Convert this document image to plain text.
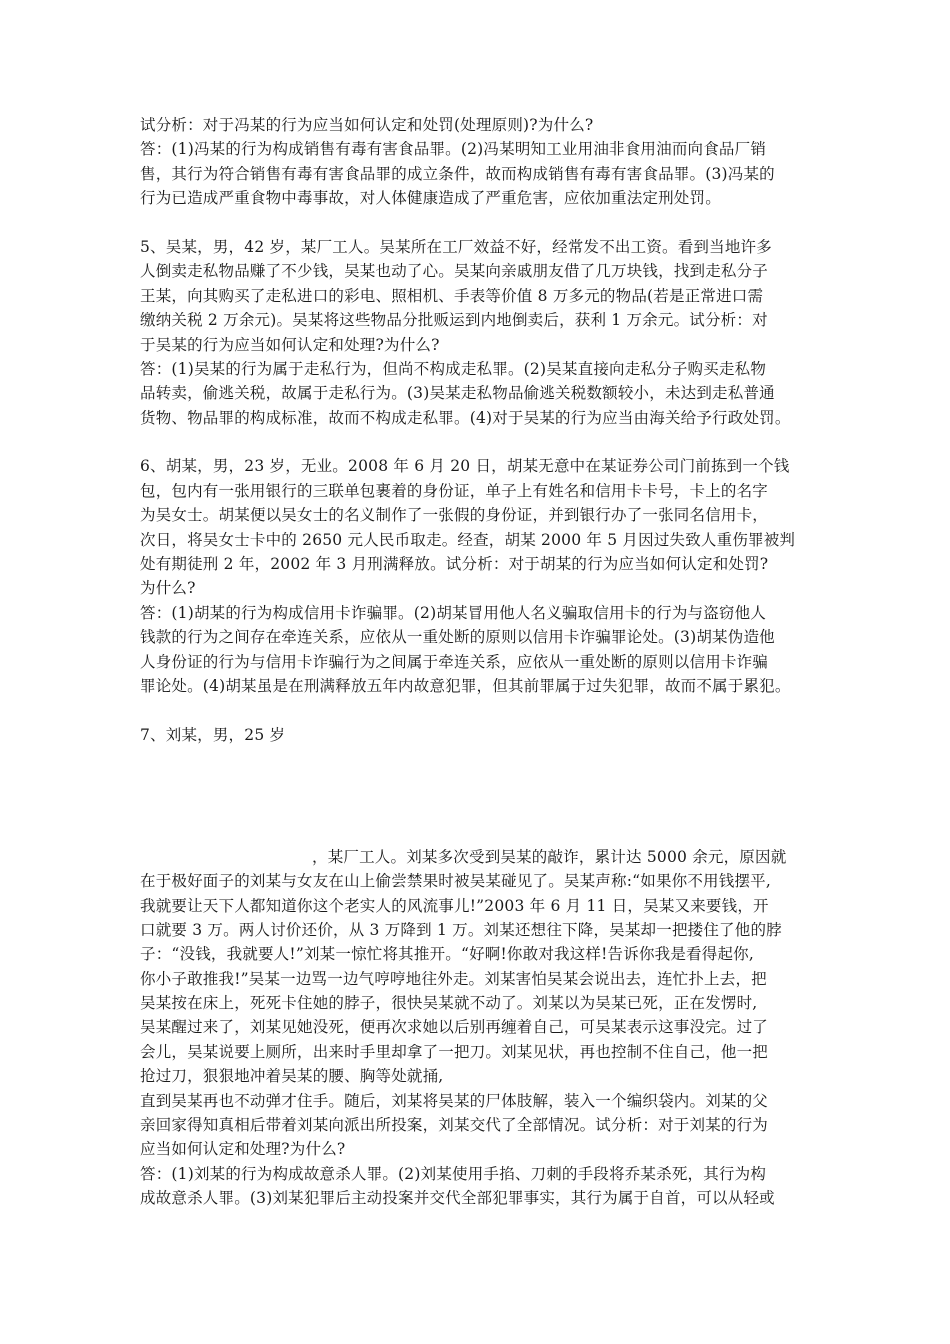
试分析：对于冯某的行为应当如何认定和处罚(处理原则)?为什么?
答：(1)冯某的行为构成销售有毒有害食品罪。(2)冯某明知工业用油非食用油而向食品厂销
售，其行为符合销售有毒有害食品罪的成立条件，故而构成销售有毒有害食品罪。(3)冯某的
行为已造成严重食物中毒事故，对人体健康造成了严重危害，应依加重法定刑处罚。
5、吴某，男，42 岁，某厂工人。吴某所在工厂效益不好，经常发不出工资。看到当地许多
人倒卖走私物品赚了不少钱，吴某也动了心。吴某向亲戚朋友借了几万块钱，找到走私分子
王某，向其购买了走私进口的彩电、照相机、手表等价值 8 万多元的物品(若是正常进口需
缴纳关税 2 万余元)。吴某将这些物品分批贩运到内地倒卖后，获利 1 万余元。试分析：对
于吴某的行为应当如何认定和处理?为什么?
答：(1)吴某的行为属于走私行为，但尚不构成走私罪。(2)吴某直接向走私分子购买走私物
品转卖，偷逃关税，故属于走私行为。(3)吴某走私物品偷逃关税数额较小，未达到走私普通
货物、物品罪的构成标准，故而不构成走私罪。(4)对于吴某的行为应当由海关给予行政处罚。
6、胡某，男，23 岁，无业。2008 年 6 月 20 日，胡某无意中在某证券公司门前拣到一个钱
包，包内有一张用银行的三联单包裹着的身份证，单子上有姓名和信用卡卡号，卡上的名字
为吴女士。胡某便以吴女士的名义制作了一张假的身份证，并到银行办了一张同名信用卡，
次日，将吴女士卡中的 2650 元人民币取走。经查，胡某 2000 年 5 月因过失致人重伤罪被判
处有期徒刑 2 年，2002 年 3 月刑满释放。试分析：对于胡某的行为应当如何认定和处罚?
为什么?
答：(1)胡某的行为构成信用卡诈骗罪。(2)胡某冒用他人名义骗取信用卡的行为与盗窃他人
钱款的行为之间存在牵连关系，应依从一重处断的原则以信用卡诈骗罪论处。(3)胡某伪造他
人身份证的行为与信用卡诈骗行为之间属于牵连关系，应依从一重处断的原则以信用卡诈骗
罪论处。(4)胡某虽是在刑满释放五年内故意犯罪，但其前罪属于过失犯罪，故而不属于累犯。
7、刘某，男，25 岁
，某厂工人。刘某多次受到吴某的敲诈，累计达 5000 余元，原因就
在于极好面子的刘某与女友在山上偷尝禁果时被吴某碰见了。吴某声称:“如果你不用钱摆平,
我就要让天下人都知道你这个老实人的风流事儿!”2003 年 6 月 11 日，吴某又来要钱，开
口就要 3 万。两人讨价还价，从 3 万降到 1 万。刘某还想往下降，吴某却一把搂住了他的脖
子：“没钱，我就要人!”刘某一惊忙将其推开。“好啊!你敢对我这样!告诉你我是看得起你,
你小子敢推我!”吴某一边骂一边气哼哼地往外走。刘某害怕吴某会说出去，连忙扑上去，把
吴某按在床上，死死卡住她的脖子，很快吴某就不动了。刘某以为吴某已死，正在发愣时,
吴某醒过来了，刘某见她没死，便再次求她以后别再缠着自己，可吴某表示这事没完。过了
会儿，吴某说要上厕所，出来时手里却拿了一把刀。刘某见状，再也控制不住自己，他一把
抢过刀，狠狠地冲着吴某的腰、胸等处就捅,
直到吴某再也不动弹才住手。随后，刘某将吴某的尸体肢解，装入一个编织袋内。刘某的父
亲回家得知真相后带着刘某向派出所投案，刘某交代了全部情况。试分析：对于刘某的行为
应当如何认定和处理?为什么?
答：(1)刘某的行为构成故意杀人罪。(2)刘某使用手掐、刀刺的手段将乔某杀死，其行为构
成故意杀人罪。(3)刘某犯罪后主动投案并交代全部犯罪事实，其行为属于自首，可以从轻或
